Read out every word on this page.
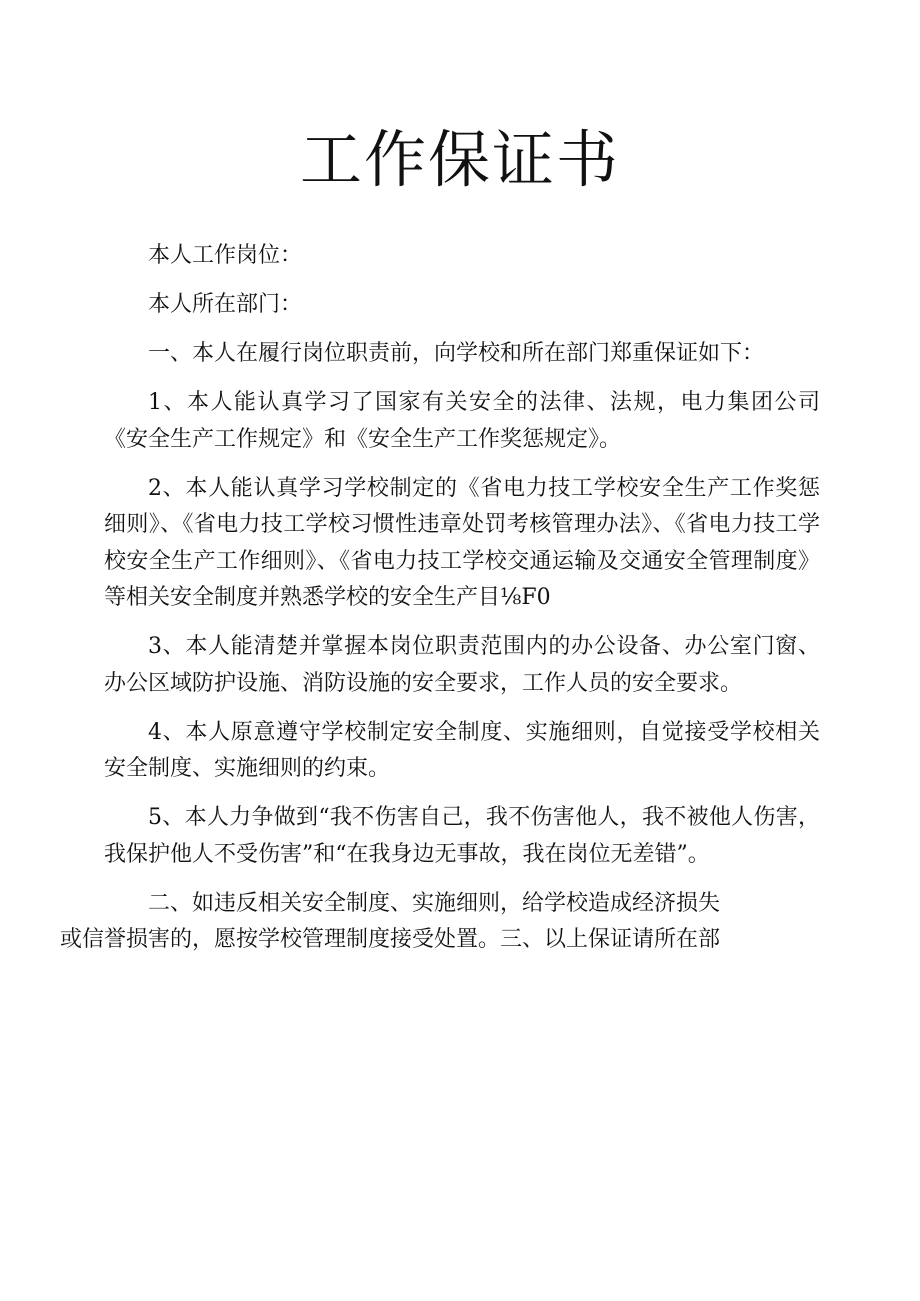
工作保证书

本人工作岗位：

本人所在部门：

一、本人在履行岗位职责前，向学校和所在部门郑重保证如下：

1、本人能认真学习了国家有关安全的法律、法规，电力集团公司《安全生产工作规定》和《安全生产工作奖惩规定》。

2、本人能认真学习学校制定的《省电力技工学校安全生产工作奖惩细则》、《省电力技工学校习惯性违章处罚考核管理办法》、《省电力技工学校安全生产工作细则》、《省电力技工学校交通运输及交通安全管理制度》等相关安全制度并熟悉学校的安全生产目⅛F0

3、本人能清楚并掌握本岗位职责范围内的办公设备、办公室门窗、办公区域防护设施、消防设施的安全要求，工作人员的安全要求。

4、本人原意遵守学校制定安全制度、实施细则，自觉接受学校相关安全制度、实施细则的约束。

5、本人力争做到“我不伤害自己，我不伤害他人，我不被他人伤害，我保护他人不受伤害”和“在我身边无事故，我在岗位无差错”。

二、如违反相关安全制度、实施细则，给学校造成经济损失
或信誉损害的，愿按学校管理制度接受处置。三、以上保证请所在部
